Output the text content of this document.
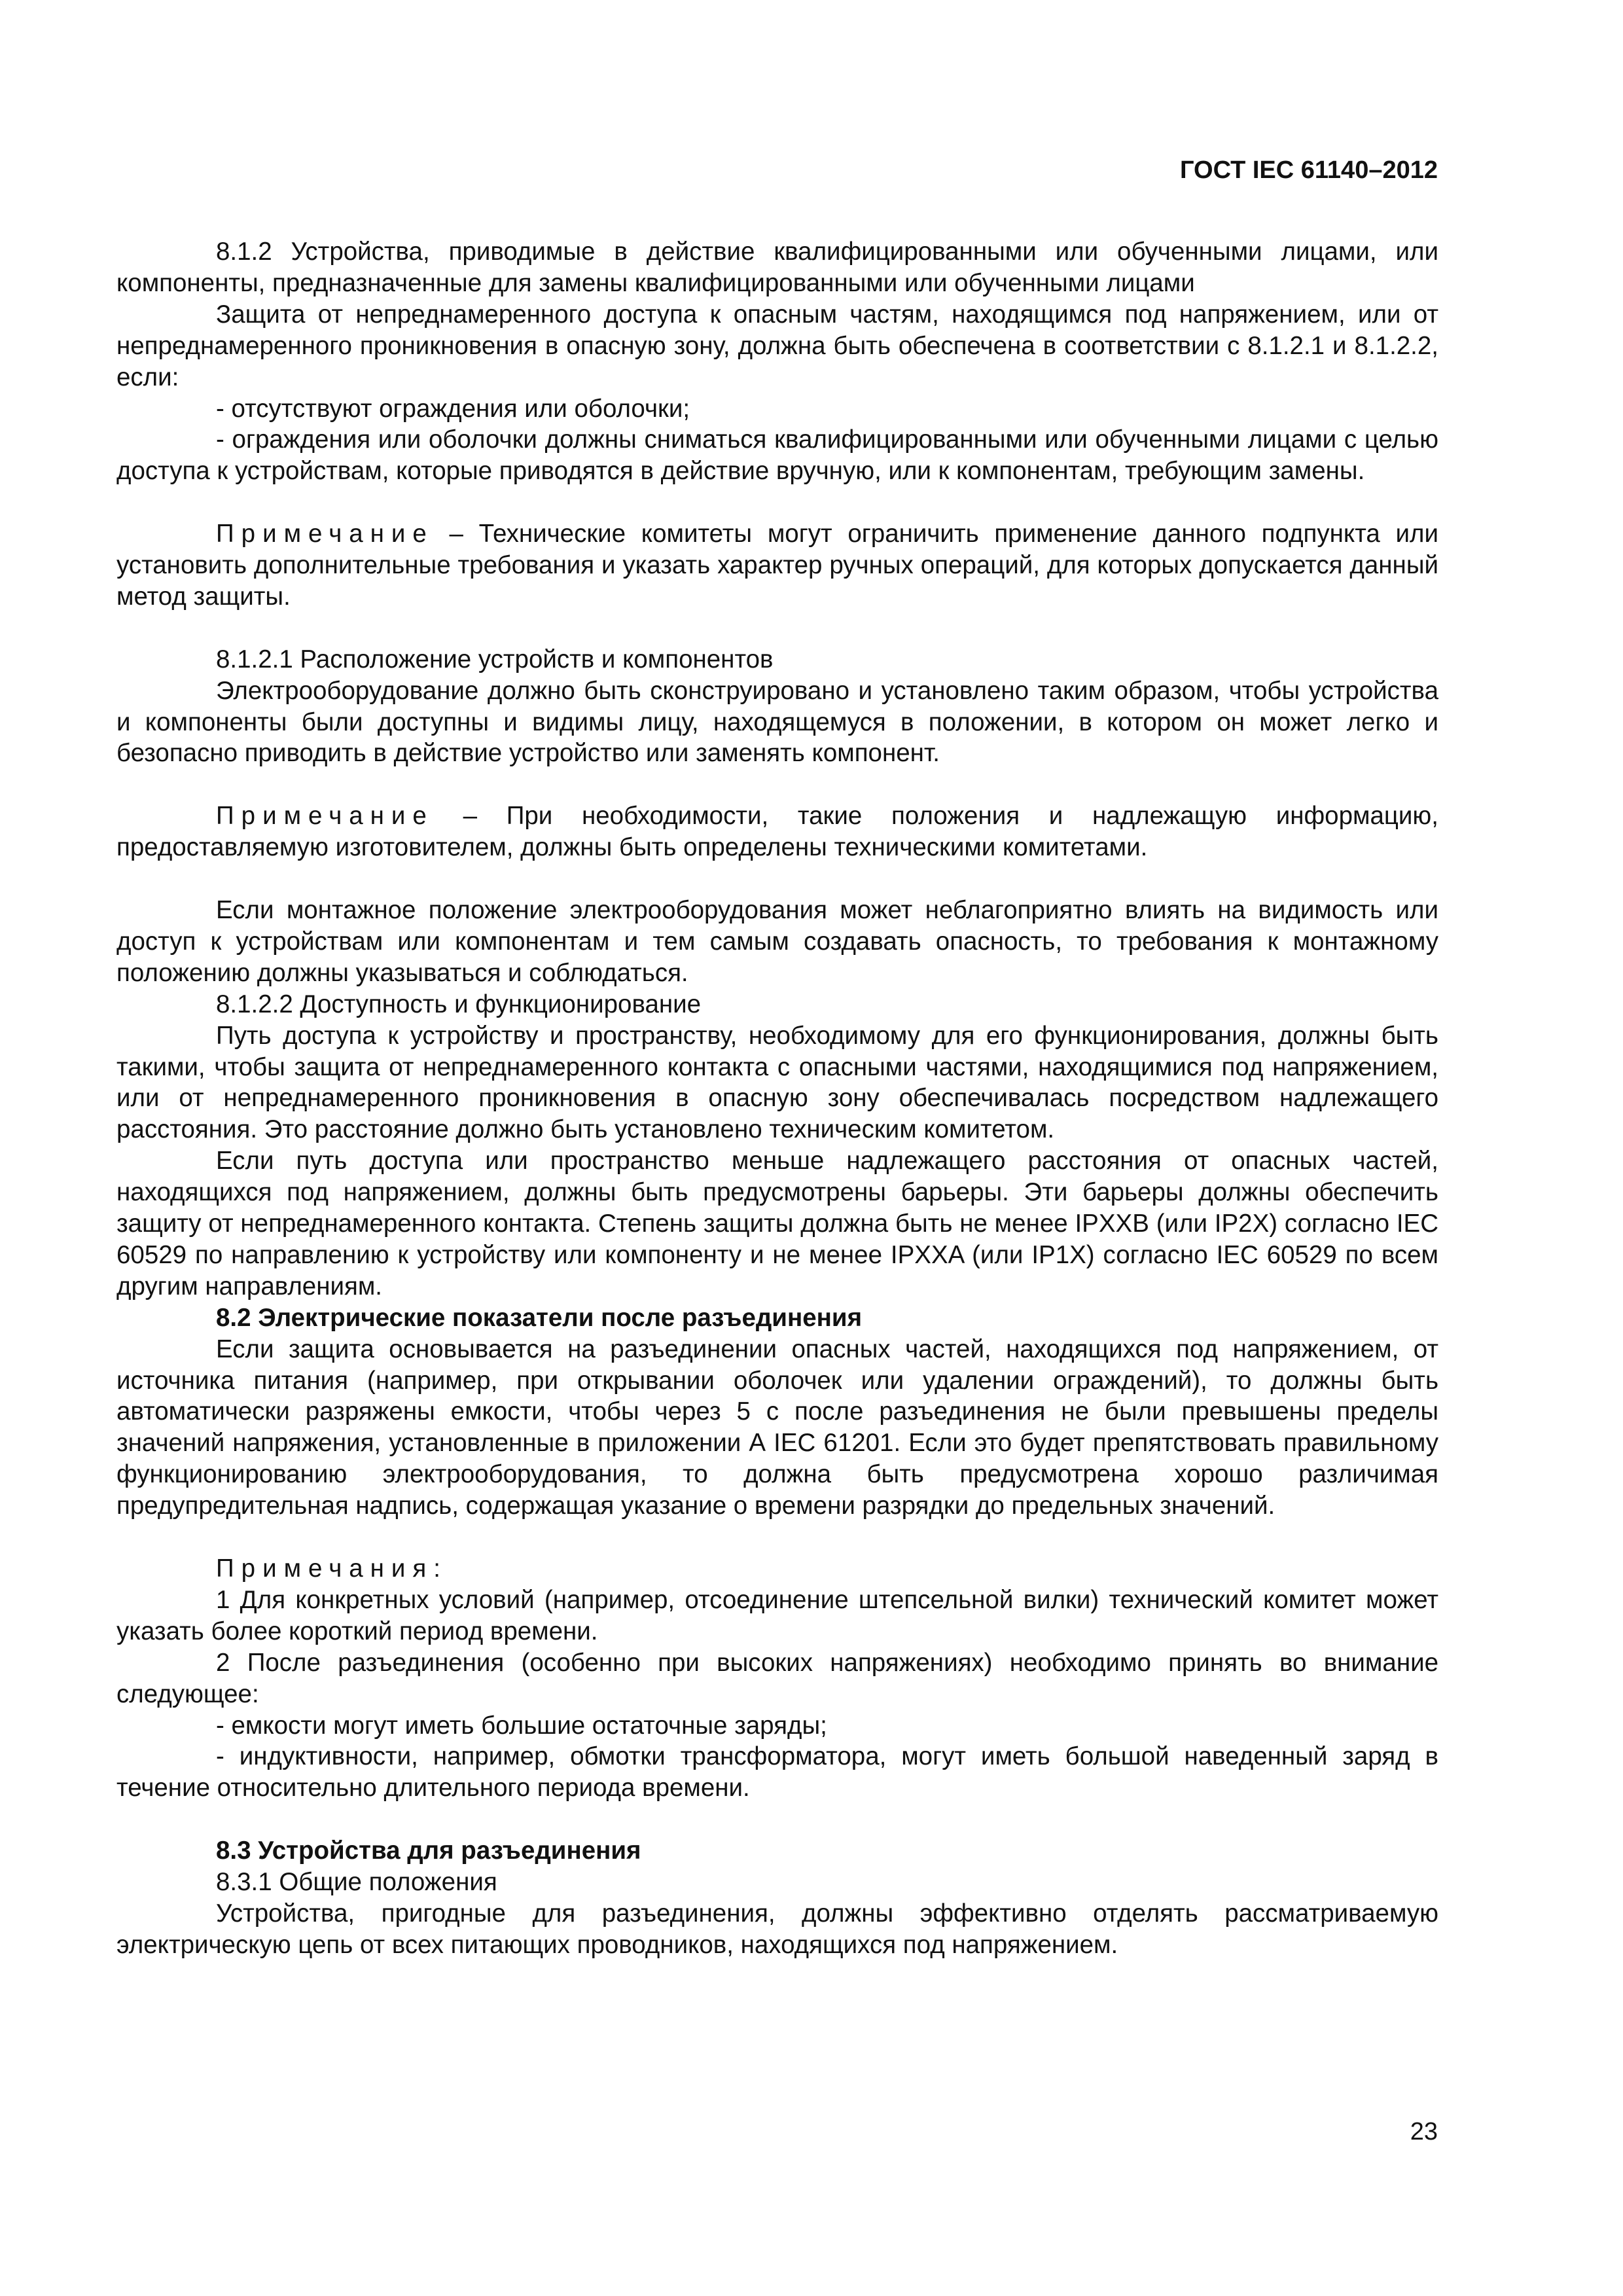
ГОСТ IEC 61140–2012

8.1.2 Устройства, приводимые в действие квалифицированными или обученными лицами, или компоненты, предназначенные для замены квалифицированными или обученными лицами

Защита от непреднамеренного доступа к опасным частям, находящимся под напряжением, или от непреднамеренного проникновения в опасную зону, должна быть обеспечена в соответствии с 8.1.2.1 и 8.1.2.2, если:

- отсутствуют ограждения или оболочки;

- ограждения или оболочки должны сниматься квалифицированными или обученными лицами с целью доступа к устройствам, которые приводятся в действие вручную, или к компонентам, требующим замены.

Примечание – Технические комитеты могут ограничить применение данного подпункта или установить дополнительные требования и указать характер ручных операций, для которых допускается данный метод защиты.

8.1.2.1 Расположение устройств и компонентов

Электрооборудование должно быть сконструировано и установлено таким образом, чтобы устройства и компоненты были доступны и видимы лицу, находящемуся в положении, в котором он может легко и безопасно приводить в действие устройство или заменять компонент.

Примечание – При необходимости, такие положения и надлежащую информацию, предоставляемую изготовителем, должны быть определены техническими комитетами.

Если монтажное положение электрооборудования может неблагоприятно влиять на видимость или доступ к устройствам или компонентам и тем самым создавать опасность, то требования к монтажному положению должны указываться и соблюдаться.

8.1.2.2 Доступность и функционирование

Путь доступа к устройству и пространству, необходимому для его функционирования, должны быть такими, чтобы защита от непреднамеренного контакта с опасными частями, находящимися под напряжением, или от непреднамеренного проникновения в опасную зону обеспечивалась посредством надлежащего расстояния. Это расстояние должно быть установлено техническим комитетом.

Если путь доступа или пространство меньше надлежащего расстояния от опасных частей, находящихся под напряжением, должны быть предусмотрены барьеры. Эти барьеры должны обеспечить защиту от непреднамеренного контакта. Степень защиты должна быть не менее IPXXB (или IP2X) согласно IEC 60529 по направлению к устройству или компоненту и не менее IPXXA (или IP1X) согласно IEC 60529 по всем другим направлениям.

8.2 Электрические показатели после разъединения

Если защита основывается на разъединении опасных частей, находящихся под напряжением, от источника питания (например, при открывании оболочек или удалении ограждений), то должны быть автоматически разряжены емкости, чтобы через 5 с после разъединения не были превышены пределы значений напряжения, установленные в приложении А IEC 61201. Если это будет препятствовать правильному функционированию электрооборудования, то должна быть предусмотрена хорошо различимая предупредительная надпись, содержащая указание о времени разрядки до предельных значений.

Примечания:

1 Для конкретных условий (например, отсоединение штепсельной вилки) технический комитет может указать более короткий период времени.

2 После разъединения (особенно при высоких напряжениях) необходимо принять во внимание следующее:

- емкости могут иметь большие остаточные заряды;

- индуктивности, например, обмотки трансформатора, могут иметь большой наведенный заряд в течение относительно длительного периода времени.

8.3 Устройства для разъединения

8.3.1 Общие положения

Устройства, пригодные для разъединения, должны эффективно отделять рассматриваемую электрическую цепь от всех питающих проводников, находящихся под напряжением.

23
